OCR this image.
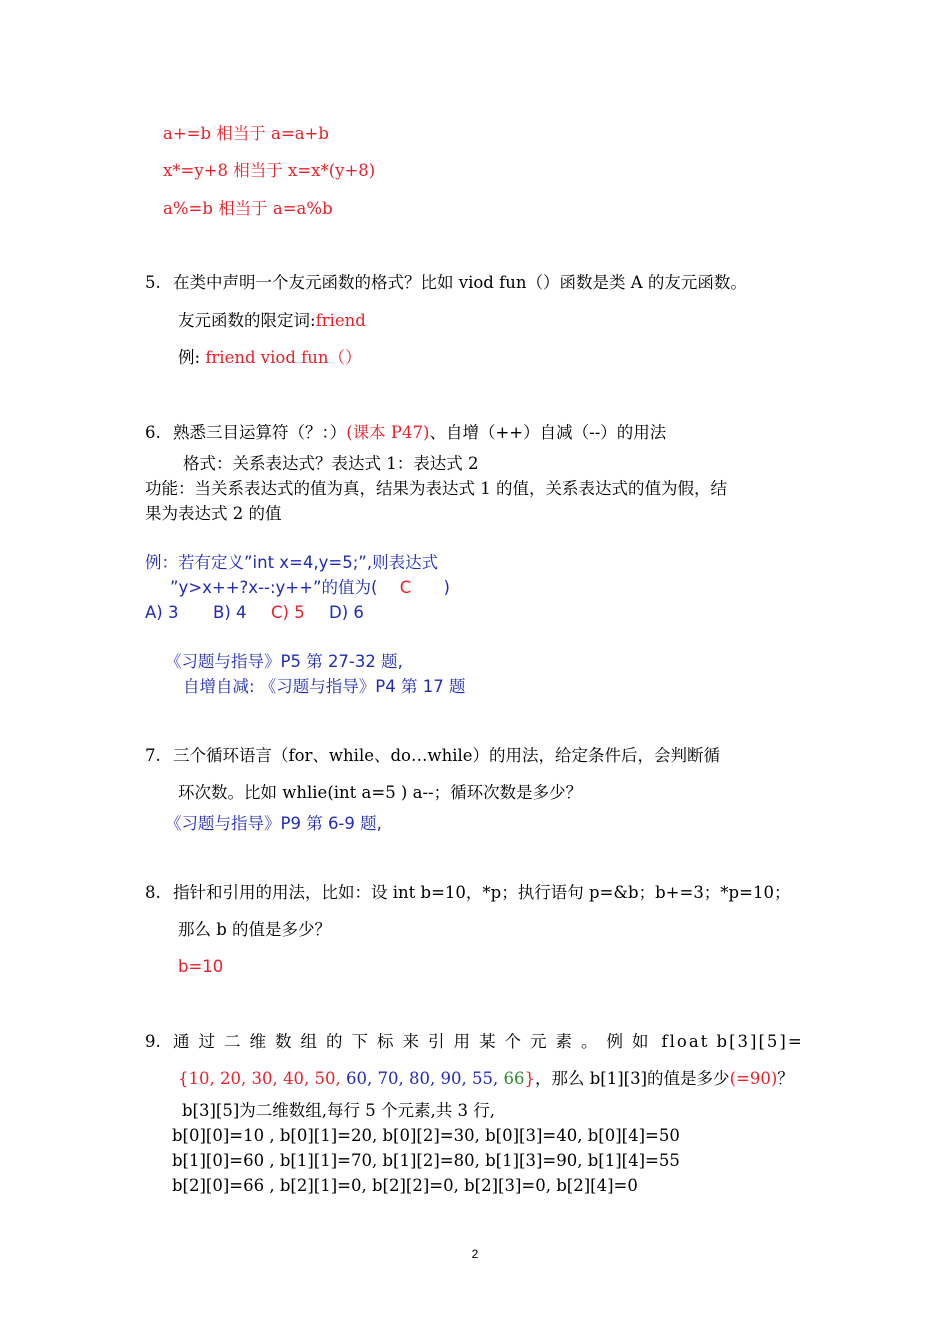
a+=b 相当于 a=a+b
x*=y+8 相当于 x=x*(y+8)
a%=b 相当于 a=a%b
5. 在类中声明一个友元函数的格式？比如 viod fun（）函数是类 A 的友元函数。
友元函数的限定词:friend
例: friend viod fun（）
6. 熟悉三目运算符（？：）(课本 P47)、自增（++）自减（--）的用法
格式：关系表达式？表达式 1：表达式 2
功能：当关系表达式的值为真，结果为表达式 1 的值，关系表达式的值为假，结
果为表达式 2 的值
例：若有定义”int x=4,y=5;”,则表达式
”y>x++?x--:y++”的值为( C )
A) 3 B) 4 C) 5 D) 6
《习题与指导》P5 第 27-32 题,
自增自减: 《习题与指导》P4 第 17 题
7. 三个循环语言（for、while、do…while）的用法，给定条件后，会判断循
环次数。比如 whlie(int a=5 ) a--；循环次数是多少？
《习题与指导》P9 第 6-9 题,
8. 指针和引用的用法，比如：设 int b=10，*p；执行语句 p=&b；b+=3；*p=10；
那么 b 的值是多少？
b=10
9. 通过二维数组的下标来引用某个元素。例如 float b[3][5]=
{10, 20, 30, 40, 50, 60, 70, 80, 90, 55, 66}，那么 b[1][3]的值是多少(=90)？
b[3][5]为二维数组,每行 5 个元素,共 3 行,
b[0][0]=10 , b[0][1]=20, b[0][2]=30, b[0][3]=40, b[0][4]=50
b[1][0]=60 , b[1][1]=70, b[1][2]=80, b[1][3]=90, b[1][4]=55
b[2][0]=66 , b[2][1]=0, b[2][2]=0, b[2][3]=0, b[2][4]=0
2
